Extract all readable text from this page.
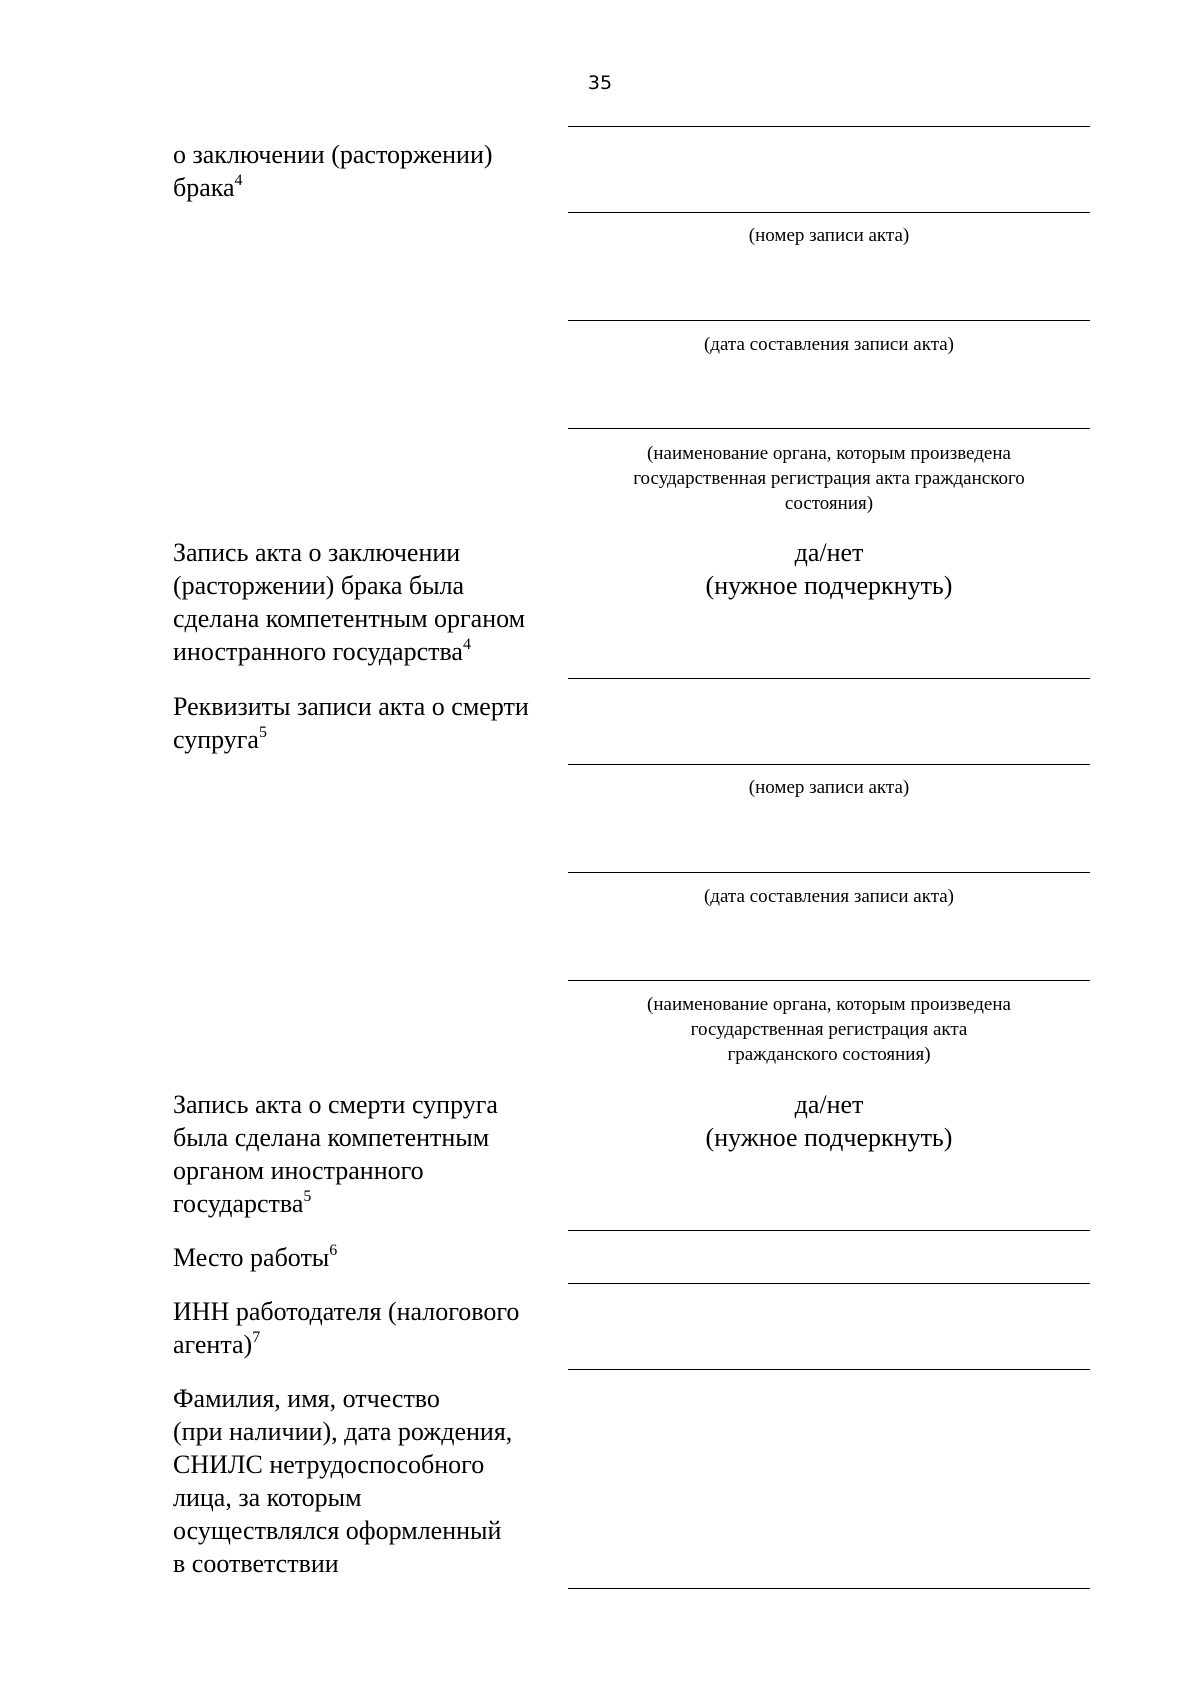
35
о заключении (расторжении)
брака$^4$
(номер записи акта)
(дата составления записи акта)
(наименование органа, которым произведена
государственная регистрация акта гражданского
состояния)
Запись акта о заключении
(расторжении) брака была
сделана компетентным органом
иностранного государства$^4$
да/нет
(нужное подчеркнуть)
Реквизиты записи акта о смерти
супруга$^5$
(номер записи акта)
(дата составления записи акта)
(наименование органа, которым произведена
государственная регистрация акта
гражданского состояния)
Запись акта о смерти супруга
была сделана компетентным
органом иностранного
государства$^5$
да/нет
(нужное подчеркнуть)
Место работы$^6$
ИНН работодателя (налогового
агента)$^7$
Фамилия, имя, отчество
(при наличии), дата рождения,
СНИЛС нетрудоспособного
лица, за которым
осуществлялся оформленный
в соответствии
